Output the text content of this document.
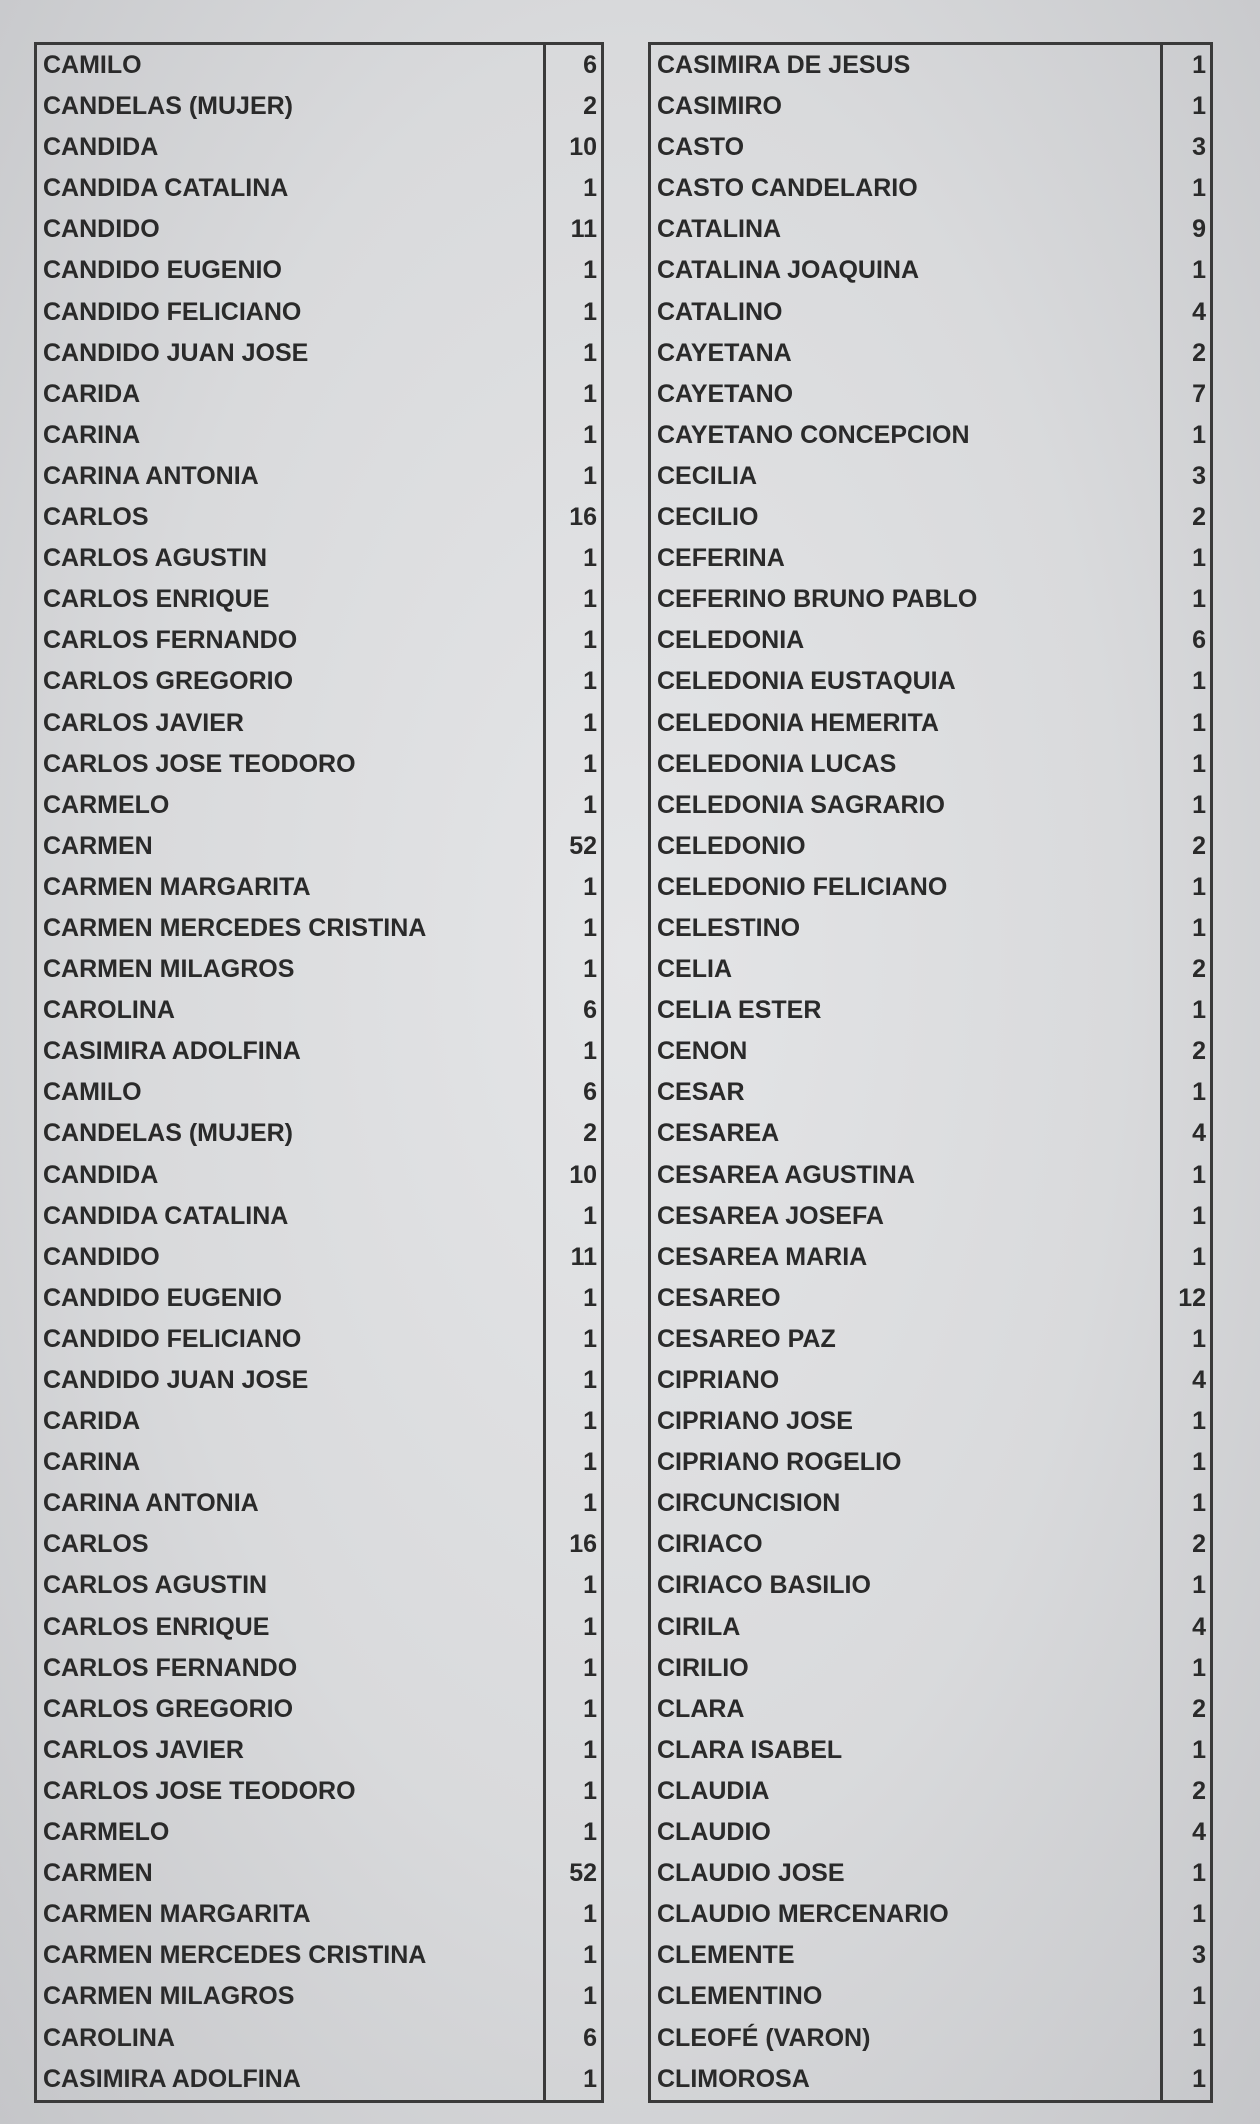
CAMILO	6
CANDELAS (MUJER)	2
CANDIDA	10
CANDIDA CATALINA	1
CANDIDO	11
CANDIDO EUGENIO	1
CANDIDO FELICIANO	1
CANDIDO JUAN JOSE	1
CARIDA	1
CARINA	1
CARINA ANTONIA	1
CARLOS	16
CARLOS AGUSTIN	1
CARLOS ENRIQUE	1
CARLOS FERNANDO	1
CARLOS GREGORIO	1
CARLOS JAVIER	1
CARLOS JOSE TEODORO	1
CARMELO	1
CARMEN	52
CARMEN MARGARITA	1
CARMEN MERCEDES CRISTINA	1
CARMEN MILAGROS	1
CAROLINA	6
CASIMIRA ADOLFINA	1
CAMILO	6
CANDELAS (MUJER)	2
CANDIDA	10
CANDIDA CATALINA	1
CANDIDO	11
CANDIDO EUGENIO	1
CANDIDO FELICIANO	1
CANDIDO JUAN JOSE	1
CARIDA	1
CARINA	1
CARINA ANTONIA	1
CARLOS	16
CARLOS AGUSTIN	1
CARLOS ENRIQUE	1
CARLOS FERNANDO	1
CARLOS GREGORIO	1
CARLOS JAVIER	1
CARLOS JOSE TEODORO	1
CARMELO	1
CARMEN	52
CARMEN MARGARITA	1
CARMEN MERCEDES CRISTINA	1
CARMEN MILAGROS	1
CAROLINA	6
CASIMIRA ADOLFINA	1
CASIMIRA DE JESUS	1
CASIMIRO	1
CASTO	3
CASTO CANDELARIO	1
CATALINA	9
CATALINA JOAQUINA	1
CATALINO	4
CAYETANA	2
CAYETANO	7
CAYETANO CONCEPCION	1
CECILIA	3
CECILIO	2
CEFERINA	1
CEFERINO BRUNO PABLO	1
CELEDONIA	6
CELEDONIA EUSTAQUIA	1
CELEDONIA HEMERITA	1
CELEDONIA LUCAS	1
CELEDONIA SAGRARIO	1
CELEDONIO	2
CELEDONIO FELICIANO	1
CELESTINO	1
CELIA	2
CELIA ESTER	1
CENON	2
CESAR	1
CESAREA	4
CESAREA AGUSTINA	1
CESAREA JOSEFA	1
CESAREA MARIA	1
CESAREO	12
CESAREO PAZ	1
CIPRIANO	4
CIPRIANO JOSE	1
CIPRIANO ROGELIO	1
CIRCUNCISION	1
CIRIACO	2
CIRIACO BASILIO	1
CIRILA	4
CIRILIO	1
CLARA	2
CLARA ISABEL	1
CLAUDIA	2
CLAUDIO	4
CLAUDIO JOSE	1
CLAUDIO MERCENARIO	1
CLEMENTE	3
CLEMENTINO	1
CLEOFÉ (VARON)	1
CLIMOROSA	1
